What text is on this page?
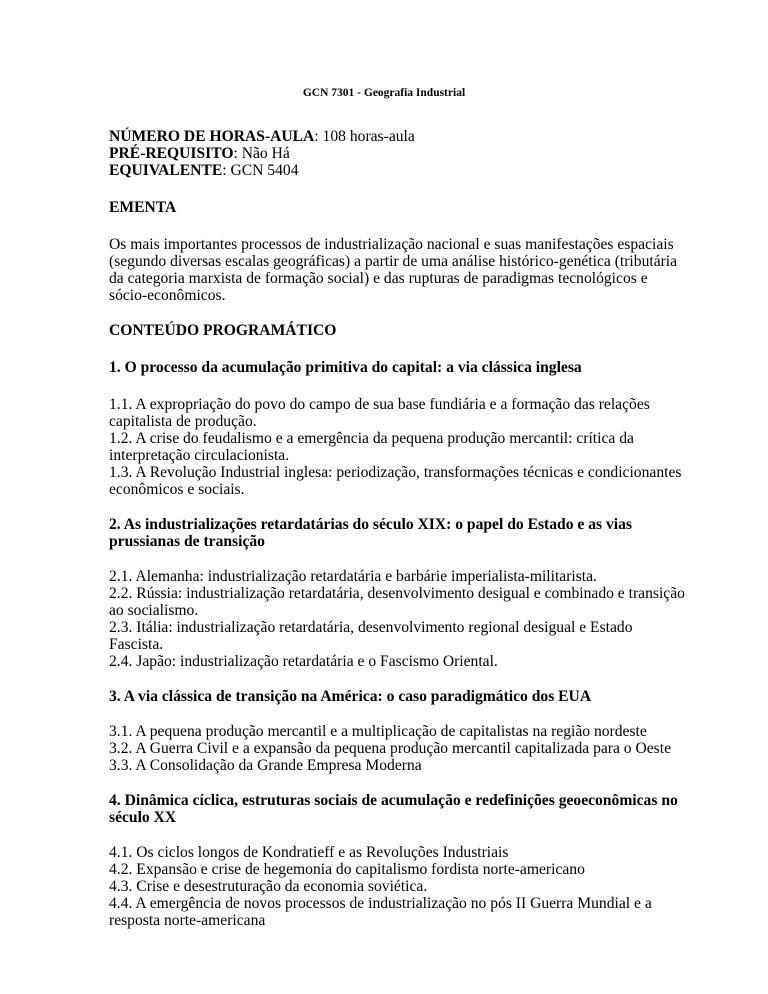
GCN 7301 - Geografia Industrial
NÚMERO DE HORAS-AULA: 108 horas-aula
PRÉ-REQUISITO: Não Há
EQUIVALENTE: GCN 5404
EMENTA

Os mais importantes processos de industrialização nacional e suas manifestações espaciais (segundo diversas escalas geográficas) a partir de uma análise histórico-genética (tributária da categoria marxista de formação social) e das rupturas de paradigmas tecnológicos e sócio-econômicos.

CONTEÚDO PROGRAMÁTICO
1. O processo da acumulação primitiva do capital: a via clássica inglesa

1.1. A expropriação do povo do campo de sua base fundiária e a formação das relações capitalista de produção.

1.2. A crise do feudalismo e a emergência da pequena produção mercantil: crítica da interpretação circulacionista.

1.3. A Revolução Industrial inglesa: periodização, transformações técnicas e condicionantes econômicos e sociais.

2. As industrializações retardatárias do século XIX: o papel do Estado e as vias prussianas de transição

2.1. Alemanha: industrialização retardatária e barbárie imperialista-militarista.

2.2. Rússia: industrialização retardatária, desenvolvimento desigual e combinado e transição ao socialismo.

2.3. Itália: industrialização retardatária, desenvolvimento regional desigual e Estado Fascista.

2.4. Japão: industrialização retardatária e o Fascismo Oriental.

3. A via clássica de transição na América: o caso paradigmático dos EUA

3.1. A pequena produção mercantil e a multiplicação de capitalistas na região nordeste

3.2. A Guerra Civil e a expansão da pequena produção mercantil capitalizada para o Oeste

3.3. A Consolidação da Grande Empresa Moderna

4. Dinâmica cíclica, estruturas sociais de acumulação e redefinições geoeconômicas no século XX

4.1. Os ciclos longos de Kondratieff e as Revoluções Industriais

4.2. Expansão e crise de hegemonia do capitalismo fordista norte-americano

4.3. Crise e desestruturação da economia soviética.

4.4. A emergência de novos processos de industrialização no pós II Guerra Mundial e a resposta norte-americana
